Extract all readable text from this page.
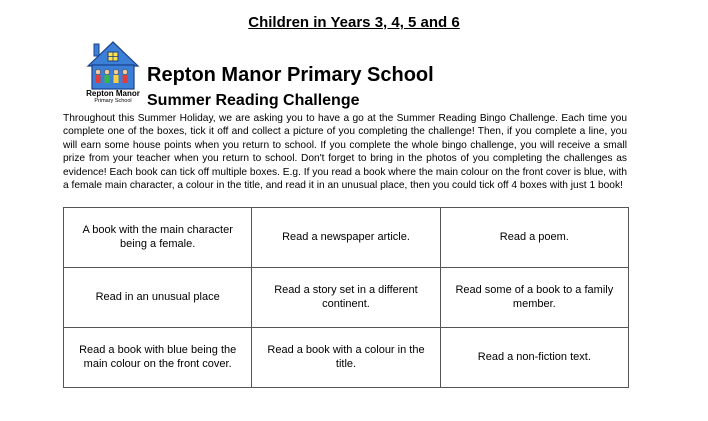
Children in Years 3, 4, 5 and 6
Repton Manor
Primary School
Repton Manor Primary School
Summer Reading Challenge
Throughout this Summer Holiday, we are asking you to have a go at the Summer Reading Bingo Challenge. Each time you complete one of the boxes, tick it off and collect a picture of you completing the challenge! Then, if you complete a line, you will earn some house points when you return to school. If you complete the whole bingo challenge, you will receive a small prize from your teacher when you return to school. Don't forget to bring in the photos of you completing the challenges as evidence! Each book can tick off multiple boxes. E.g. If you read a book where the main colour on the front cover is blue, with a female main character, a colour in the title, and read it in an unusual place, then you could tick off 4 boxes with just 1 book!
A book with the main character being a female.	Read a newspaper article.	Read a poem.
Read in an unusual place	Read a story set in a different continent.	Read some of a book to a family member.
Read a book with blue being the main colour on the front cover.	Read a book with a colour in the title.	Read a non-fiction text.
